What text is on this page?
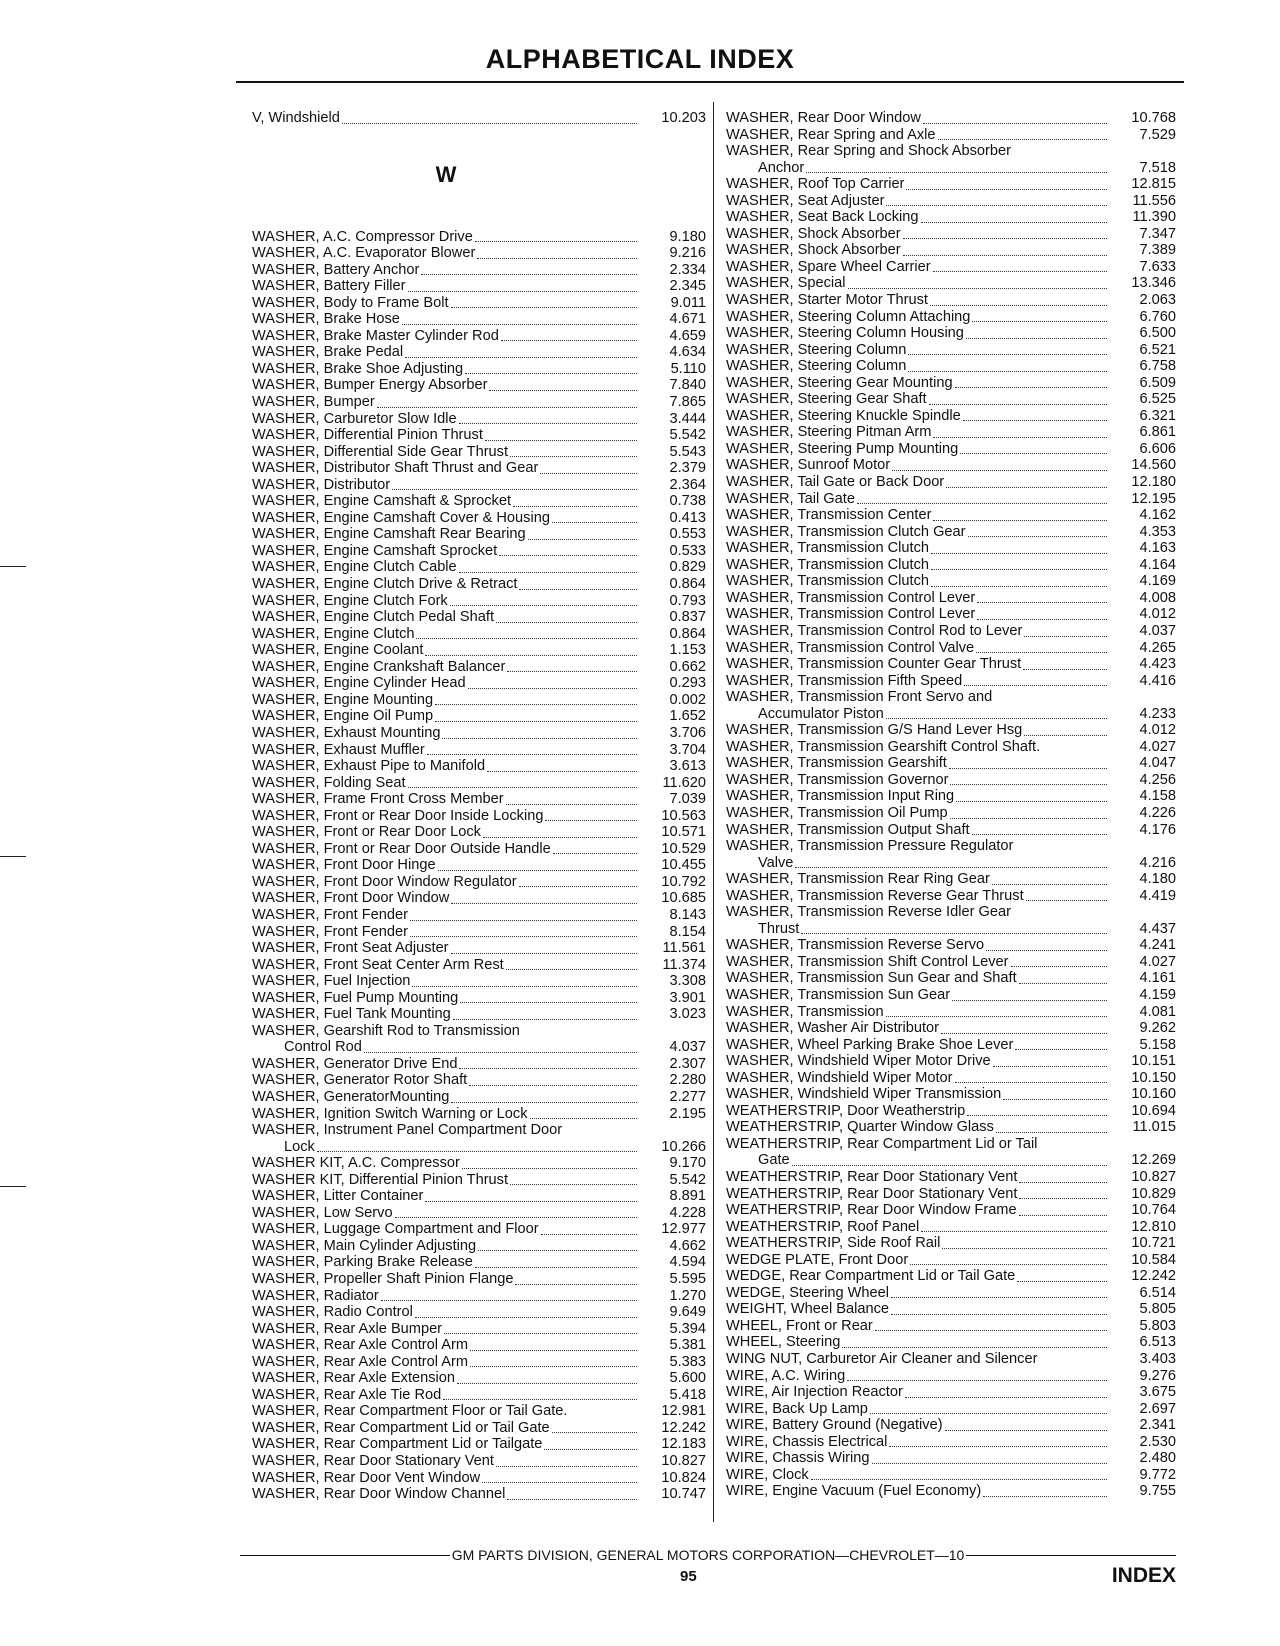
ALPHABETICAL INDEX
V, Windshield	10.203
W
WASHER, A.C. Compressor Drive	9.180
WASHER, A.C. Evaporator Blower	9.216
WASHER, Battery Anchor	2.334
WASHER, Battery Filler	2.345
WASHER, Body to Frame Bolt	9.011
WASHER, Brake Hose	4.671
WASHER, Brake Master Cylinder Rod	4.659
WASHER, Brake Pedal	4.634
WASHER, Brake Shoe Adjusting	5.110
WASHER, Bumper Energy Absorber	7.840
WASHER, Bumper	7.865
WASHER, Carburetor Slow Idle	3.444
WASHER, Differential Pinion Thrust	5.542
WASHER, Differential Side Gear Thrust	5.543
WASHER, Distributor Shaft Thrust and Gear	2.379
WASHER, Distributor	2.364
WASHER, Engine Camshaft & Sprocket	0.738
WASHER, Engine Camshaft Cover & Housing	0.413
WASHER, Engine Camshaft Rear Bearing	0.553
WASHER, Engine Camshaft Sprocket	0.533
WASHER, Engine Clutch Cable	0.829
WASHER, Engine Clutch Drive & Retract	0.864
WASHER, Engine Clutch Fork	0.793
WASHER, Engine Clutch Pedal Shaft	0.837
WASHER, Engine Clutch	0.864
WASHER, Engine Coolant	1.153
WASHER, Engine Crankshaft Balancer	0.662
WASHER, Engine Cylinder Head	0.293
WASHER, Engine Mounting	0.002
WASHER, Engine Oil Pump	1.652
WASHER, Exhaust Mounting	3.706
WASHER, Exhaust Muffler	3.704
WASHER, Exhaust Pipe to Manifold	3.613
WASHER, Folding Seat	11.620
WASHER, Frame Front Cross Member	7.039
WASHER, Front or Rear Door Inside Locking	10.563
WASHER, Front or Rear Door Lock	10.571
WASHER, Front or Rear Door Outside Handle	10.529
WASHER, Front Door Hinge	10.455
WASHER, Front Door Window Regulator	10.792
WASHER, Front Door Window	10.685
WASHER, Front Fender	8.143
WASHER, Front Fender	8.154
WASHER, Front Seat Adjuster	11.561
WASHER, Front Seat Center Arm Rest	11.374
WASHER, Fuel Injection	3.308
WASHER, Fuel Pump Mounting	3.901
WASHER, Fuel Tank Mounting	3.023
WASHER, Gearshift Rod to Transmission
Control Rod	4.037
WASHER, Generator Drive End	2.307
WASHER, Generator Rotor Shaft	2.280
WASHER, GeneratorMounting	2.277
WASHER, Ignition Switch Warning or Lock	2.195
WASHER, Instrument Panel Compartment Door
Lock	10.266
WASHER KIT, A.C. Compressor	9.170
WASHER KIT, Differential Pinion Thrust	5.542
WASHER, Litter Container	8.891
WASHER, Low Servo	4.228
WASHER, Luggage Compartment and Floor	12.977
WASHER, Main Cylinder Adjusting	4.662
WASHER, Parking Brake Release	4.594
WASHER, Propeller Shaft Pinion Flange	5.595
WASHER, Radiator	1.270
WASHER, Radio Control	9.649
WASHER, Rear Axle Bumper	5.394
WASHER, Rear Axle Control Arm	5.381
WASHER, Rear Axle Control Arm	5.383
WASHER, Rear Axle Extension	5.600
WASHER, Rear Axle Tie Rod	5.418
WASHER, Rear Compartment Floor or Tail Gate.	12.981
WASHER, Rear Compartment Lid or Tail Gate	12.242
WASHER, Rear Compartment Lid or Tailgate	12.183
WASHER, Rear Door Stationary Vent	10.827
WASHER, Rear Door Vent Window	10.824
WASHER, Rear Door Window Channel	10.747
WASHER, Rear Door Window	10.768
WASHER, Rear Spring and Axle	7.529
WASHER, Rear Spring and Shock Absorber
Anchor	7.518
WASHER, Roof Top Carrier	12.815
WASHER, Seat Adjuster	11.556
WASHER, Seat Back Locking	11.390
WASHER, Shock Absorber	7.347
WASHER, Shock Absorber	7.389
WASHER, Spare Wheel Carrier	7.633
WASHER, Special	13.346
WASHER, Starter Motor Thrust	2.063
WASHER, Steering Column Attaching	6.760
WASHER, Steering Column Housing	6.500
WASHER, Steering Column	6.521
WASHER, Steering Column	6.758
WASHER, Steering Gear Mounting	6.509
WASHER, Steering Gear Shaft	6.525
WASHER, Steering Knuckle Spindle	6.321
WASHER, Steering Pitman Arm	6.861
WASHER, Steering Pump Mounting	6.606
WASHER, Sunroof Motor	14.560
WASHER, Tail Gate or Back Door	12.180
WASHER, Tail Gate	12.195
WASHER, Transmission Center	4.162
WASHER, Transmission Clutch Gear	4.353
WASHER, Transmission Clutch	4.163
WASHER, Transmission Clutch	4.164
WASHER, Transmission Clutch	4.169
WASHER, Transmission Control Lever	4.008
WASHER, Transmission Control Lever	4.012
WASHER, Transmission Control Rod to Lever	4.037
WASHER, Transmission Control Valve	4.265
WASHER, Transmission Counter Gear Thrust	4.423
WASHER, Transmission Fifth Speed	4.416
WASHER, Transmission Front Servo and
Accumulator Piston	4.233
WASHER, Transmission G/S Hand Lever Hsg	4.012
WASHER, Transmission Gearshift Control Shaft.	4.027
WASHER, Transmission Gearshift	4.047
WASHER, Transmission Governor	4.256
WASHER, Transmission Input Ring	4.158
WASHER, Transmission Oil Pump	4.226
WASHER, Transmission Output Shaft	4.176
WASHER, Transmission Pressure Regulator
Valve	4.216
WASHER, Transmission Rear Ring Gear	4.180
WASHER, Transmission Reverse Gear Thrust	4.419
WASHER, Transmission Reverse Idler Gear
Thrust	4.437
WASHER, Transmission Reverse Servo	4.241
WASHER, Transmission Shift Control Lever	4.027
WASHER, Transmission Sun Gear and Shaft	4.161
WASHER, Transmission Sun Gear	4.159
WASHER, Transmission	4.081
WASHER, Washer Air Distributor	9.262
WASHER, Wheel Parking Brake Shoe Lever	5.158
WASHER, Windshield Wiper Motor Drive	10.151
WASHER, Windshield Wiper Motor	10.150
WASHER, Windshield Wiper Transmission	10.160
WEATHERSTRIP, Door Weatherstrip	10.694
WEATHERSTRIP, Quarter Window Glass	11.015
WEATHERSTRIP, Rear Compartment Lid or Tail
Gate	12.269
WEATHERSTRIP, Rear Door Stationary Vent	10.827
WEATHERSTRIP, Rear Door Stationary Vent	10.829
WEATHERSTRIP, Rear Door Window Frame	10.764
WEATHERSTRIP, Roof Panel	12.810
WEATHERSTRIP, Side Roof Rail	10.721
WEDGE PLATE, Front Door	10.584
WEDGE, Rear Compartment Lid or Tail Gate	12.242
WEDGE, Steering Wheel	6.514
WEIGHT, Wheel Balance	5.805
WHEEL, Front or Rear	5.803
WHEEL, Steering	6.513
WING NUT, Carburetor Air Cleaner and Silencer	3.403
WIRE, A.C. Wiring	9.276
WIRE, Air Injection Reactor	3.675
WIRE, Back Up Lamp	2.697
WIRE, Battery Ground (Negative)	2.341
WIRE, Chassis Electrical	2.530
WIRE, Chassis Wiring	2.480
WIRE, Clock	9.772
WIRE, Engine Vacuum (Fuel Economy)	9.755
GM PARTS DIVISION, GENERAL MOTORS CORPORATION—CHEVROLET—10
95	INDEX
